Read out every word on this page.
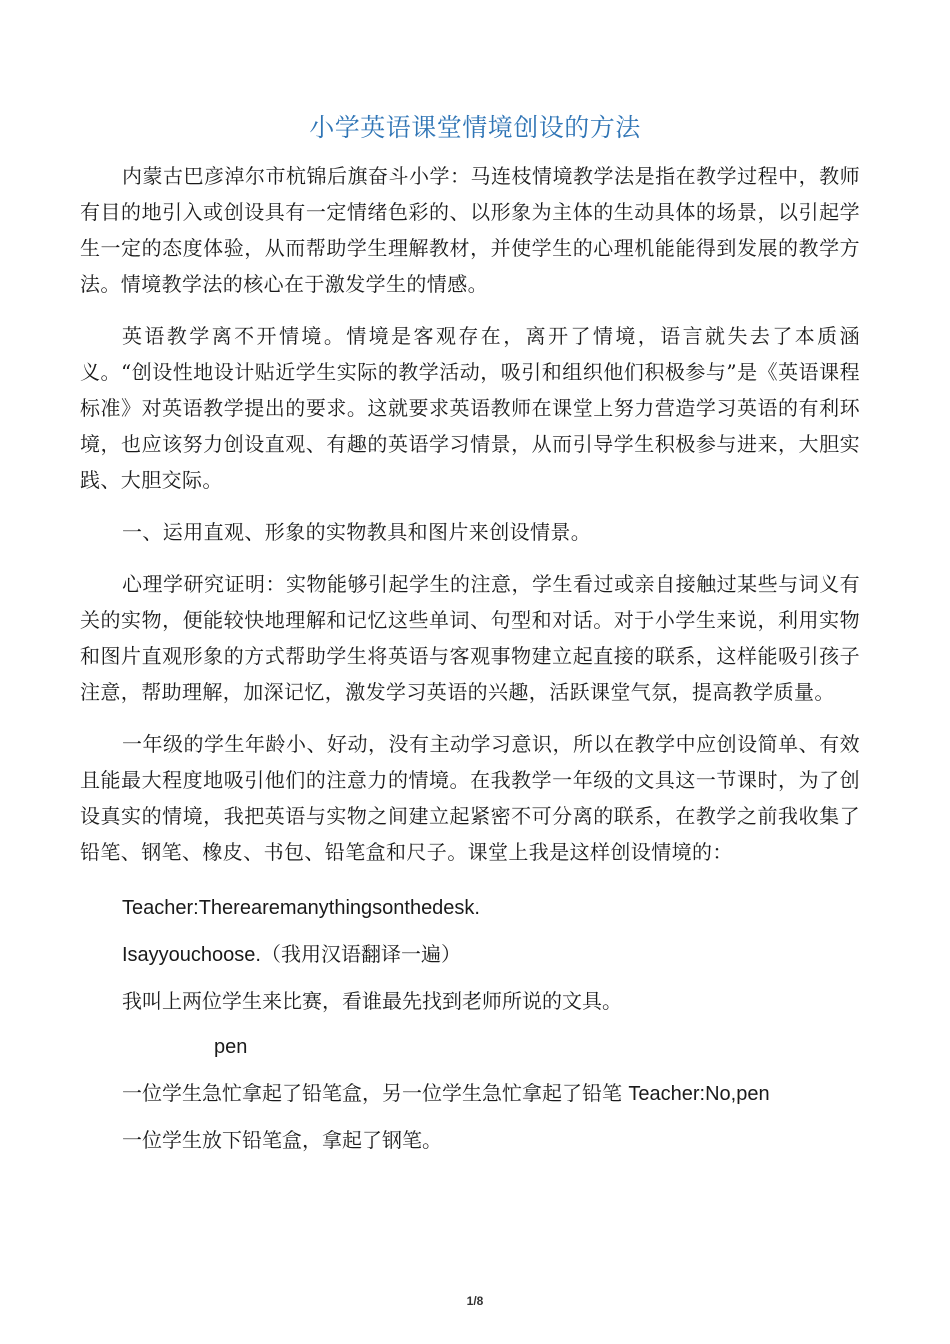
小学英语课堂情境创设的方法

内蒙古巴彦淖尔市杭锦后旗奋斗小学：马连枝情境教学法是指在教学过程中，教师有目的地引入或创设具有一定情绪色彩的、以形象为主体的生动具体的场景，以引起学生一定的态度体验，从而帮助学生理解教材，并使学生的心理机能能得到发展的教学方法。情境教学法的核心在于激发学生的情感。

英语教学离不开情境。情境是客观存在，离开了情境，语言就失去了本质涵义。“创设性地设计贴近学生实际的教学活动，吸引和组织他们积极参与”是《英语课程标准》对英语教学提出的要求。这就要求英语教师在课堂上努力营造学习英语的有利环境，也应该努力创设直观、有趣的英语学习情景，从而引导学生积极参与进来，大胆实践、大胆交际。

一、运用直观、形象的实物教具和图片来创设情景。

心理学研究证明：实物能够引起学生的注意，学生看过或亲自接触过某些与词义有关的实物，便能较快地理解和记忆这些单词、句型和对话。对于小学生来说，利用实物和图片直观形象的方式帮助学生将英语与客观事物建立起直接的联系，这样能吸引孩子注意，帮助理解，加深记忆，激发学习英语的兴趣，活跃课堂气氛，提高教学质量。

一年级的学生年龄小、好动，没有主动学习意识，所以在教学中应创设简单、有效且能最大程度地吸引他们的注意力的情境。在我教学一年级的文具这一节课时，为了创设真实的情境，我把英语与实物之间建立起紧密不可分离的联系，在教学之前我收集了铅笔、钢笔、橡皮、书包、铅笔盒和尺子。课堂上我是这样创设情境的：

Teacher:Therearemanythingsonthedesk.
Isayyouchoose.（我用汉语翻译一遍）
我叫上两位学生来比赛，看谁最先找到老师所说的文具。
pen
一位学生急忙拿起了铅笔盒，另一位学生急忙拿起了铅笔 Teacher:No,pen
一位学生放下铅笔盒，拿起了钢笔。
1/8
